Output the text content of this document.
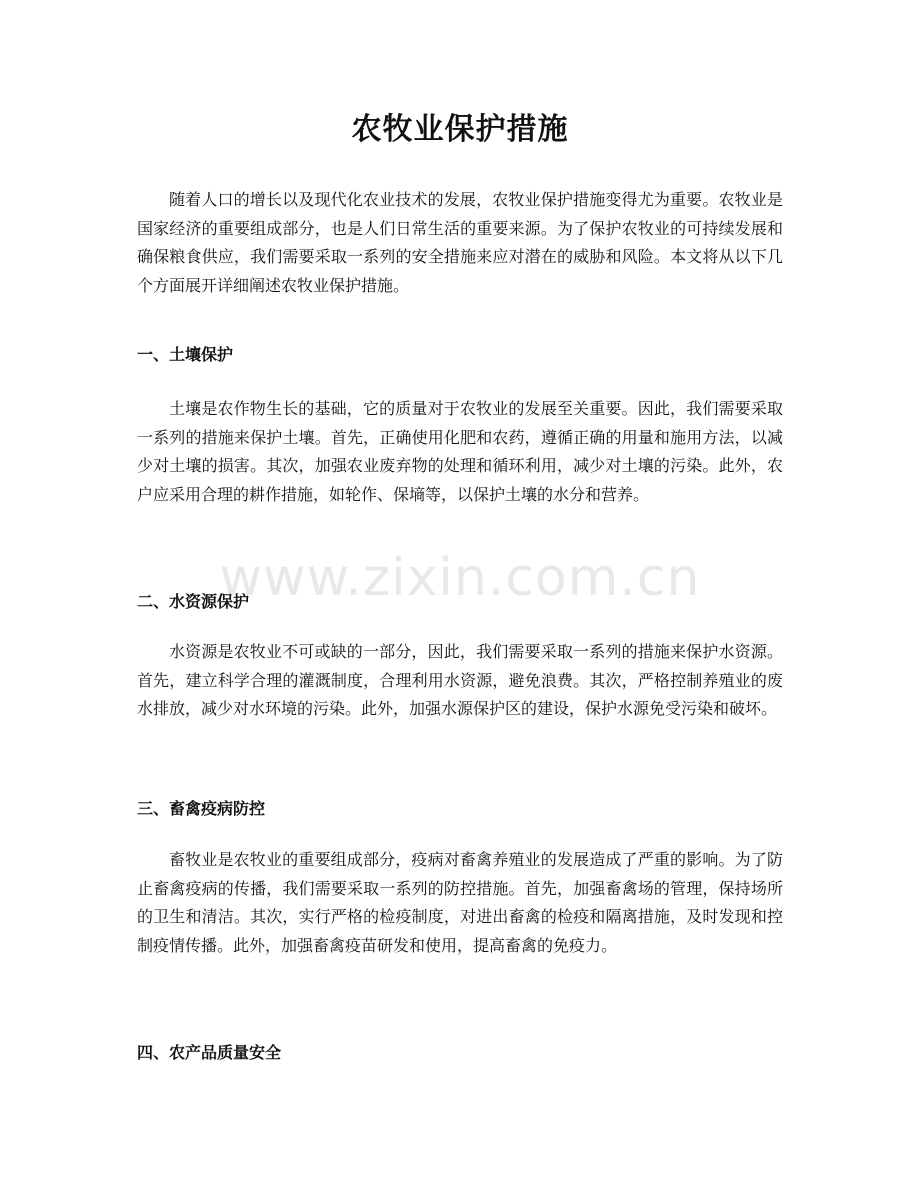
农牧业保护措施

随着人口的增长以及现代化农业技术的发展，农牧业保护措施变得尤为重要。农牧业是国家经济的重要组成部分，也是人们日常生活的重要来源。为了保护农牧业的可持续发展和确保粮食供应，我们需要采取一系列的安全措施来应对潜在的威胁和风险。本文将从以下几个方面展开详细阐述农牧业保护措施。

一、土壤保护

土壤是农作物生长的基础，它的质量对于农牧业的发展至关重要。因此，我们需要采取一系列的措施来保护土壤。首先，正确使用化肥和农药，遵循正确的用量和施用方法，以减少对土壤的损害。其次，加强农业废弃物的处理和循环利用，减少对土壤的污染。此外，农户应采用合理的耕作措施，如轮作、保墒等，以保护土壤的水分和营养。

二、水资源保护

水资源是农牧业不可或缺的一部分，因此，我们需要采取一系列的措施来保护水资源。首先，建立科学合理的灌溉制度，合理利用水资源，避免浪费。其次，严格控制养殖业的废水排放，减少对水环境的污染。此外，加强水源保护区的建设，保护水源免受污染和破坏。

三、畜禽疫病防控

畜牧业是农牧业的重要组成部分，疫病对畜禽养殖业的发展造成了严重的影响。为了防止畜禽疫病的传播，我们需要采取一系列的防控措施。首先，加强畜禽场的管理，保持场所的卫生和清洁。其次，实行严格的检疫制度，对进出畜禽的检疫和隔离措施，及时发现和控制疫情传播。此外，加强畜禽疫苗研发和使用，提高畜禽的免疫力。

四、农产品质量安全
www.zixin.com.cn
